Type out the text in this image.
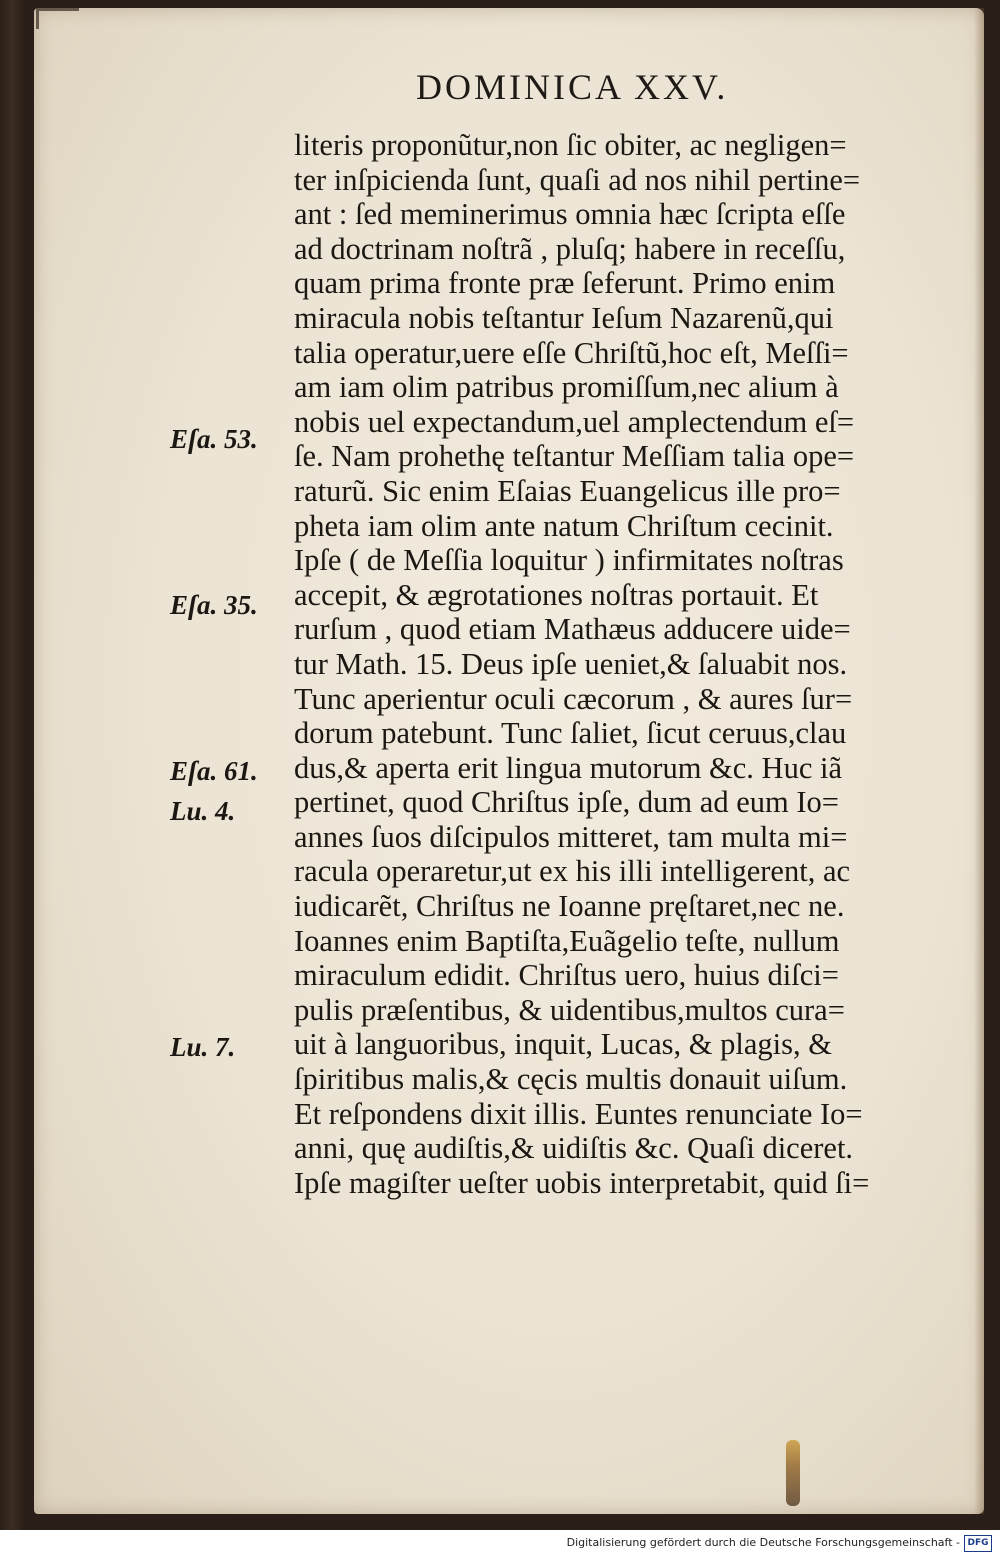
DOMINICA XXV.
literis proponũtur,non ſic obiter, ac negligen=
ter inſpicienda ſunt, quaſi ad nos nihil pertine=
ant : ſed meminerimus omnia hæc ſcripta eſſe
ad doctrinam noſtrã , pluſq; habere in receſſu,
quam prima fronte præ ſeferunt. Primo enim
miracula nobis teſtantur Ieſum Nazarenũ,qui
talia operatur,uere eſſe Chriſtũ,hoc eſt, Meſſi=
am iam olim patribus promiſſum,nec alium à
nobis uel expectandum,uel amplectendum eſ=
ſe. Nam prohethę teſtantur Meſſiam talia ope=
raturũ. Sic enim Eſaias Euangelicus ille pro=
pheta iam olim ante natum Chriſtum cecinit.
Ipſe ( de Meſſia loquitur ) infirmitates noſtras
accepit, & ægrotationes noſtras portauit. Et
rurſum , quod etiam Mathæus adducere uide=
tur Math. 15. Deus ipſe ueniet,& ſaluabit nos.
Tunc aperientur oculi cæcorum , & aures ſur=
dorum patebunt. Tunc ſaliet, ſicut ceruus,clau
dus,& aperta erit lingua mutorum &c. Huc iã
pertinet, quod Chriſtus ipſe, dum ad eum Io=
annes ſuos diſcipulos mitteret, tam multa mi=
racula operaretur,ut ex his illi intelligerent, ac
iudicarẽt, Chriſtus ne Ioanne pręſtaret,nec ne.
Ioannes enim Baptiſta,Euãgelio teſte, nullum
miraculum edidit. Chriſtus uero, huius diſci=
pulis præſentibus, & uidentibus,multos cura=
uit à languoribus, inquit, Lucas, & plagis, &
ſpiritibus malis,& cęcis multis donauit uiſum.
Et reſpondens dixit illis. Euntes renunciate Io=
anni, quę audiſtis,& uidiſtis &c. Quaſi diceret.
Ipſe magiſter ueſter uobis interpretabit, quid ſi=
Eſa. 53.
Eſa. 35.
Eſa. 61.
Lu. 4.
Lu. 7.
Digitalisierung gefördert durch die Deutsche Forschungsgemeinschaft - DFG
